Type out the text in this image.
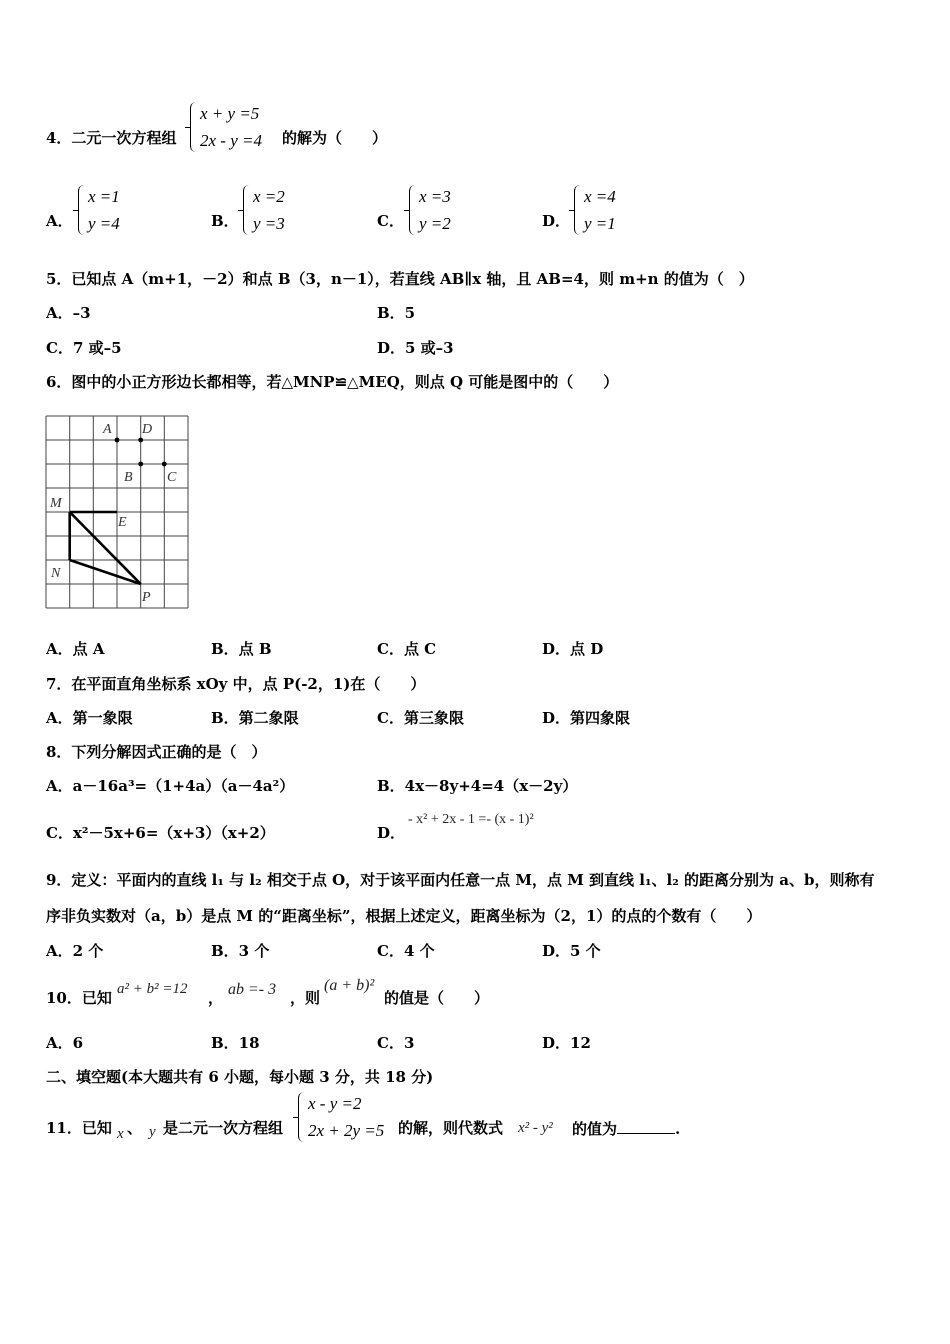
4．二元一次方程组
x + y =5
2x - y =4 的解为（　　）
A．
x =1
y =4	B．
x =2
y =3	C．
x =3
y =2	D．
x =4
y =1
5．已知点 A（m+1，－2）和点 B（3，n－1），若直线 AB∥x 轴，且 AB=4，则 m+n 的值为（　）
A．–3	B．5
C．7 或–5	D．5 或–3
6．图中的小正方形边长都相等，若△MNP≌△MEQ，则点 Q 可能是图中的（　　）
A D
B C
M
E
N
P
A．点 A	B．点 B	C．点 C	D．点 D
7．在平面直角坐标系 xOy 中，点 P(-2，1)在（　　）
A．第一象限	B．第二象限	C．第三象限	D．第四象限
8．下列分解因式正确的是（　）
A．a－16a³=（1+4a）（a－4a²）	B．4x－8y+4=4（x－2y）
C．x²－5x+6=（x+3）（x+2）	D．
- x² + 2x - 1 =- (x - 1)²
9．定义：平面内的直线 l₁ 与 l₂ 相交于点 O，对于该平面内任意一点 M，点 M 到直线 l₁、l₂ 的距离分别为 a、b，则称有
序非负实数对（a，b）是点 M 的“距离坐标”，根据上述定义，距离坐标为（2，1）的点的个数有（　　）
A．2 个	B．3 个	C．4 个	D．5 个
10．已知 a² + b² =12 ， ab =- 3 ，则
(a + b)²
的值是（　　）
A．6	B．18	C．3	D．12
二、填空题(本大题共有 6 小题，每小题 3 分，共 18 分)
11．已知 x 、 y 是二元一次方程组
x - y =2
2x + 2y =5 的解，则代数式 x² - y² 的值为	.
